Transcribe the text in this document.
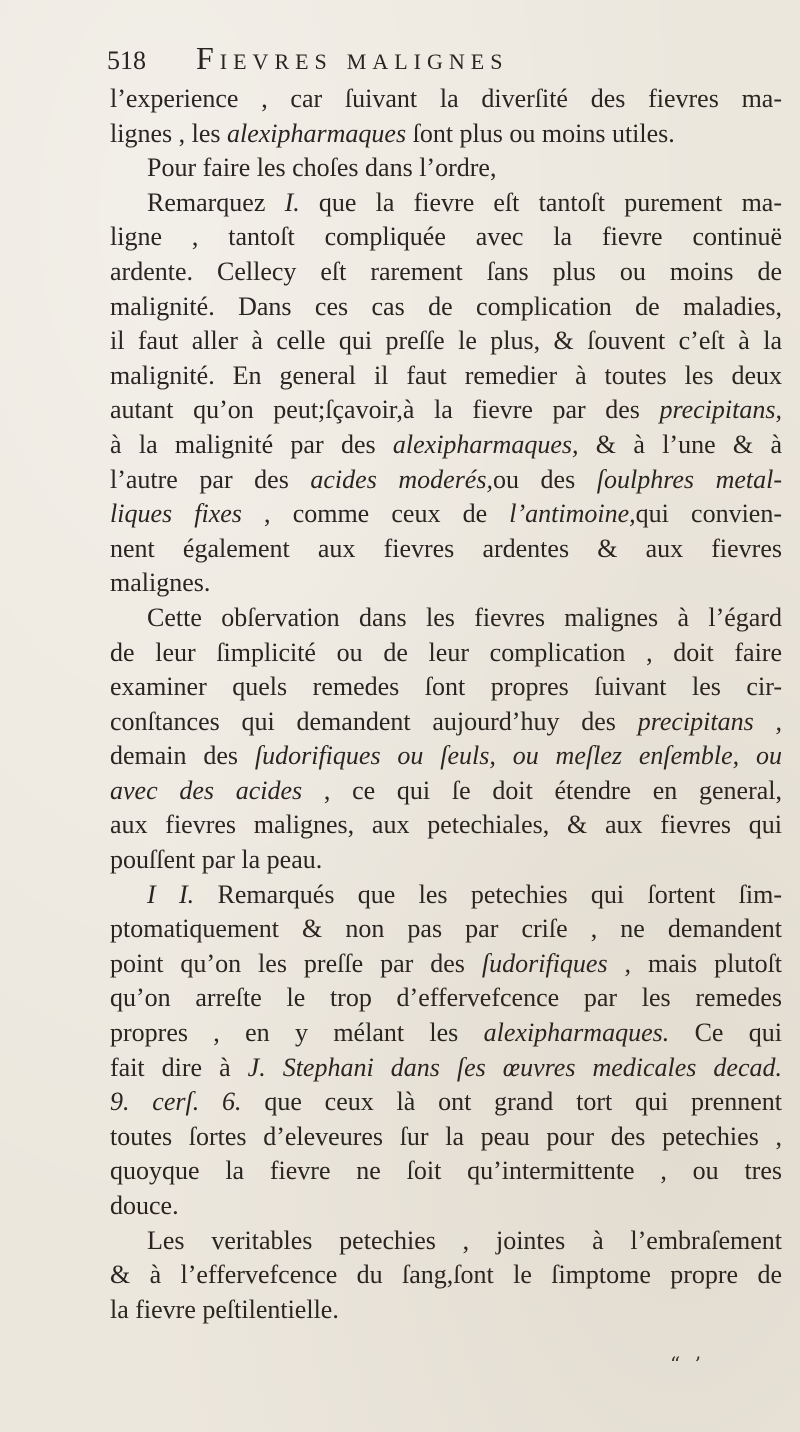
518 Fievres malignes

l’experience , car ſuivant la diverſité des fievres ma-
lignes , les alexipharmaques ſont plus ou moins utiles.

Pour faire les choſes dans l’ordre,

Remarquez I. que la fievre eſt tantoſt purement ma-
ligne , tantoſt compliquée avec la fievre continuë
ardente. Cellecy eſt rarement ſans plus ou moins de
malignité. Dans ces cas de complication de maladies,
il faut aller à celle qui preſſe le plus, & ſouvent c’eſt à la
malignité. En general il faut remedier à toutes les deux
autant qu’on peut;ſçavoir,à la fievre par des precipitans,
à la malignité par des alexipharmaques, & à l’une & à
l’autre par des acides moderés,ou des ſoulphres metal-
liques fixes , comme ceux de l’antimoine,qui convien-
nent également aux fievres ardentes & aux fievres
malignes.

Cette obſervation dans les fievres malignes à l’égard
de leur ſimplicité ou de leur complication , doit faire
examiner quels remedes ſont propres ſuivant les cir-
conſtances qui demandent aujourd’huy des precipitans ,
demain des ſudorifiques ou ſeuls, ou meſlez enſemble, ou
avec des acides , ce qui ſe doit étendre en general,
aux fievres malignes, aux petechiales, & aux fievres qui
pouſſent par la peau.

I I. Remarqués que les petechies qui ſortent ſim-
ptomatiquement & non pas par criſe , ne demandent
point qu’on les preſſe par des ſudorifiques , mais plutoſt
qu’on arreſte le trop d’effervefcence par les remedes
propres , en y mélant les alexipharmaques. Ce qui
fait dire à J. Stephani dans ſes œuvres medicales decad.
9. cerſ. 6. que ceux là ont grand tort qui prennent
toutes ſortes d’eleveures ſur la peau pour des petechies ,
quoyque la fievre ne ſoit qu’intermittente , ou tres
douce.

Les veritables petechies , jointes à l’embraſement
& à l’effervefcence du ſang,ſont le ſimptome propre de
la fievre peſtilentielle.

“ ’
